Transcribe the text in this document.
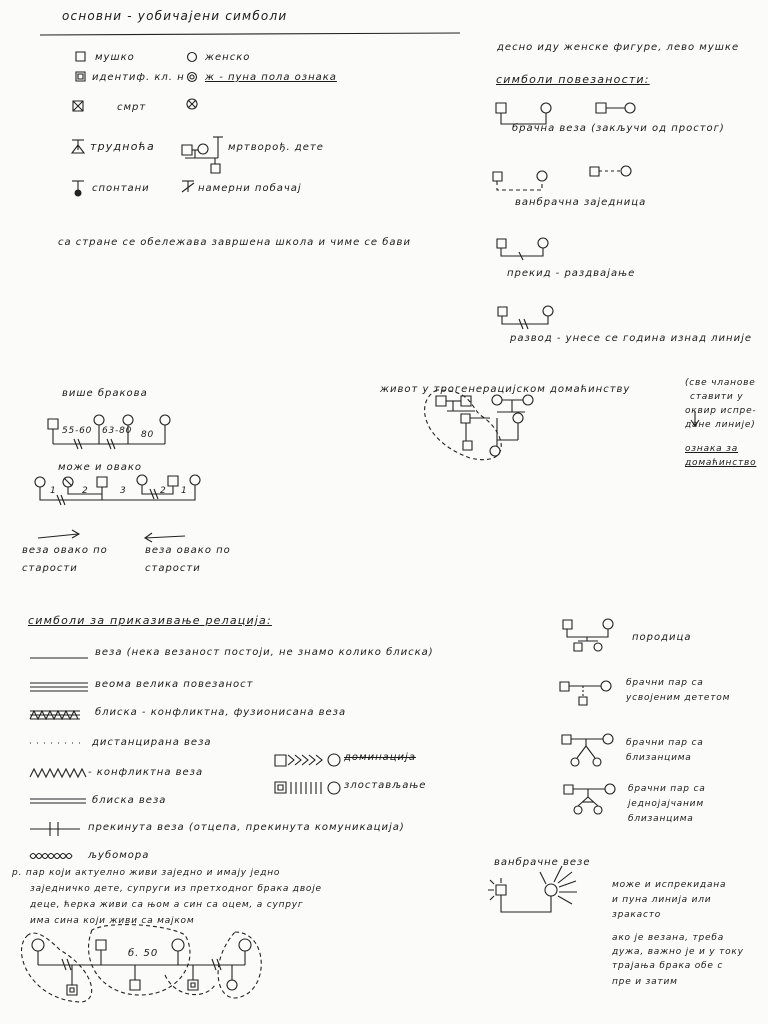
основни - уобичајени симболи
мушко	женско
идентиф. кл. н ж - пуна пола ознака
смрт
трудноћа	мртворођ. дете
спонтани	намерни побачај
са стране се обележава завршена школа и чиме се бави
десно иду женске фигуре, лево мушке
симболи повезаности:
брачна веза (закључи од простог)
ванбрачна заједница
прекид - раздвајање
развод - унесе се година изнад линије
више бракова
55-60 63-80 80
може и овако
1	2	3	2 1
веза овако по старости
веза овако по старости
живот у трогенерацијском домаћинству
(све чланове
ставити у
оквир испре-
дане линије)
ознака за
домаћинство
симболи за приказивање релација:
веза (нека везаност постоји, не знамо колико блиска)
веома велика повезаност
блиска - конфликтна, фузионисана веза
дистанцирана веза
- конфликтна веза
блиска веза
прекинута веза (отцепа, прекинута комуникација)
љубомора
доминација
злостављање
породица
брачни пар са усвојеним дететом
брачни пар са близанцима
брачни пар са једнојајчаним близанцима
ванбрачне везе
може и испрекидана
и пуна линија или
зракасто
ако је везана, треба
дужа, важно је и у току
трајања брака обе с
пре и затим
р. пар који актуелно живи заједно и имају једно
заједничко дете, супруги из претходног брака двоје
деце, ћерка живи са њом а син са оцем, а супруг
има сина који живи са мајком
б. 50
